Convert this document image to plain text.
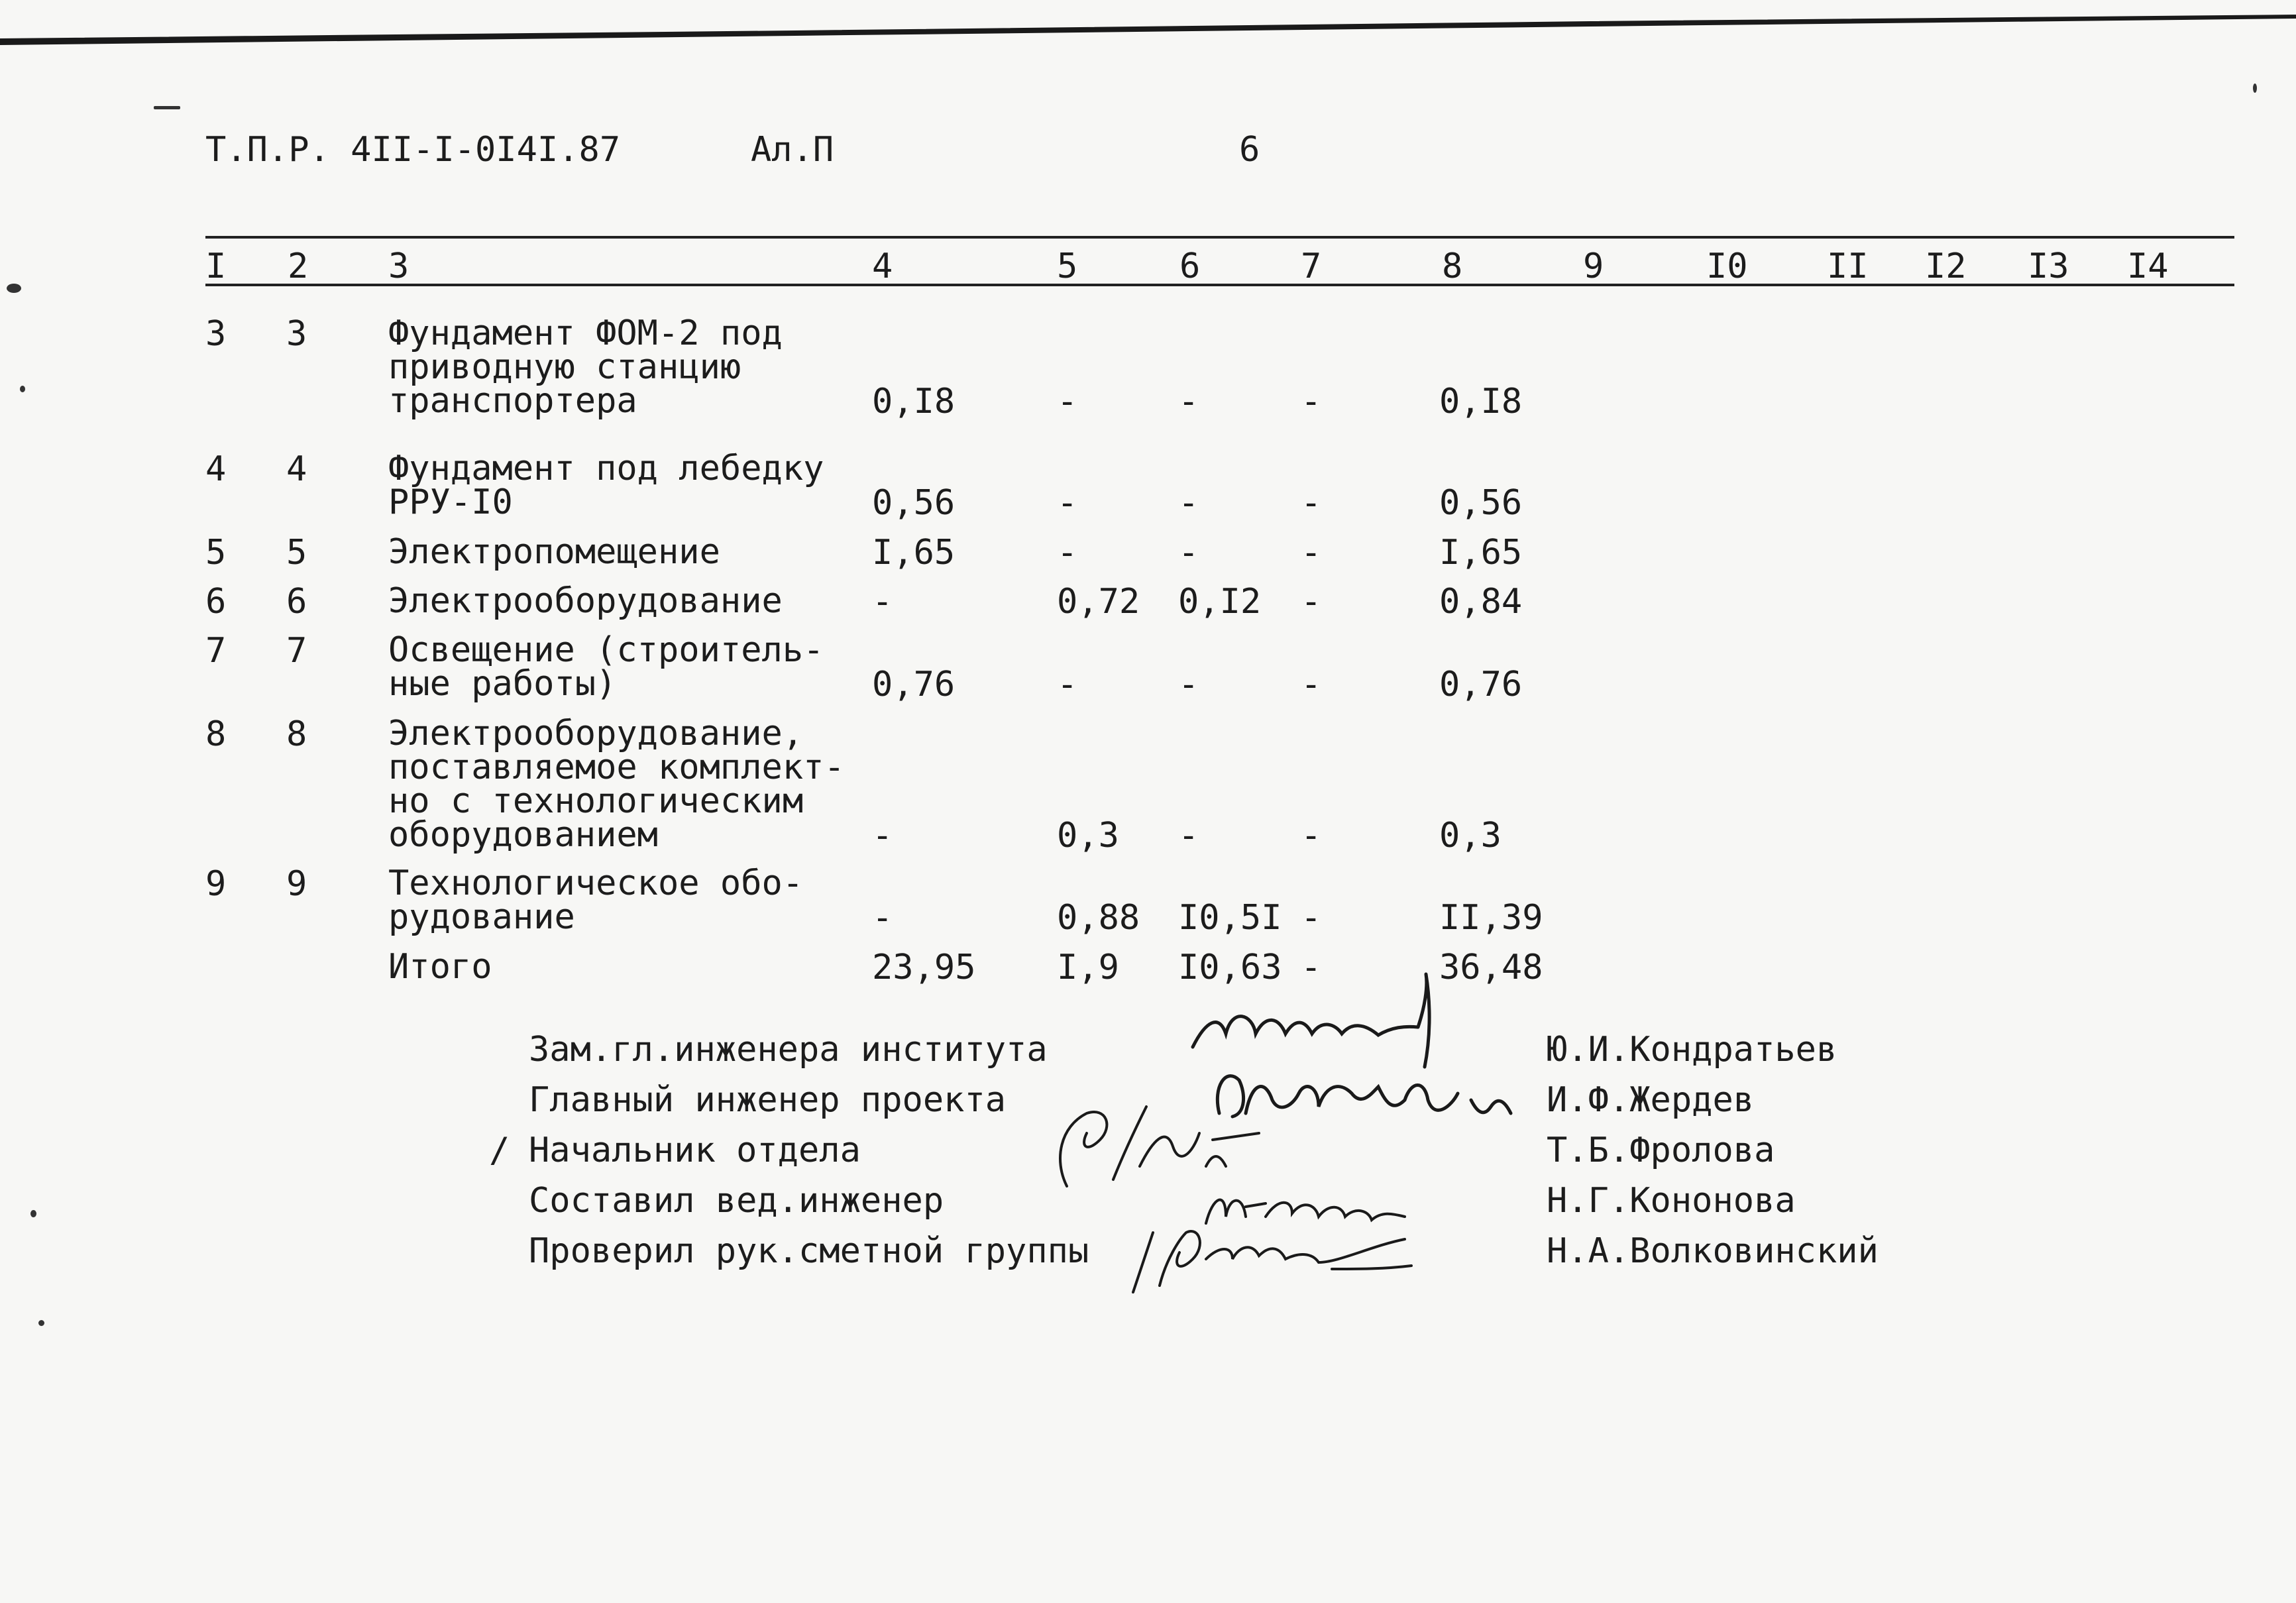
Т.П.Р. 4II-I-0I4I.87	Ал.П	6
I 2 3	4	5	6	7	8	9	I0 II I2 I3 I4
3 3 Фундамент ФОМ-2 под
приводную станцию
транспортера	0,I8	-	-	-	0,I8
4 4 Фундамент под лебедку
РРУ-I0	0,56	-	-	-	0,56
5 5 Электропомещение	I,65	-	-	-	I,65
6 6 Электрооборудование	-	0,72 0,I2 -	0,84
7 7 Освещение (строитель-
ные работы)	0,76	-	-	-	0,76
8 8 Электрооборудование,
поставляемое комплект-
но с технологическим
оборудованием	-	0,3 -	-	0,3
9 9 Технологическое обо-
рудование	-	0,88 I0,5I -	II,39
Итого	23,95 I,9 I0,63 -	36,48
Зам.гл.инженера института	Ю.И.Кондратьев
Главный инженер проекта	И.Ф.Жердев
/ Начальник отдела	Т.Б.Фролова
Составил вед.инженер	Н.Г.Кононова
Проверил рук.сметной группы	Н.А.Волковинский
